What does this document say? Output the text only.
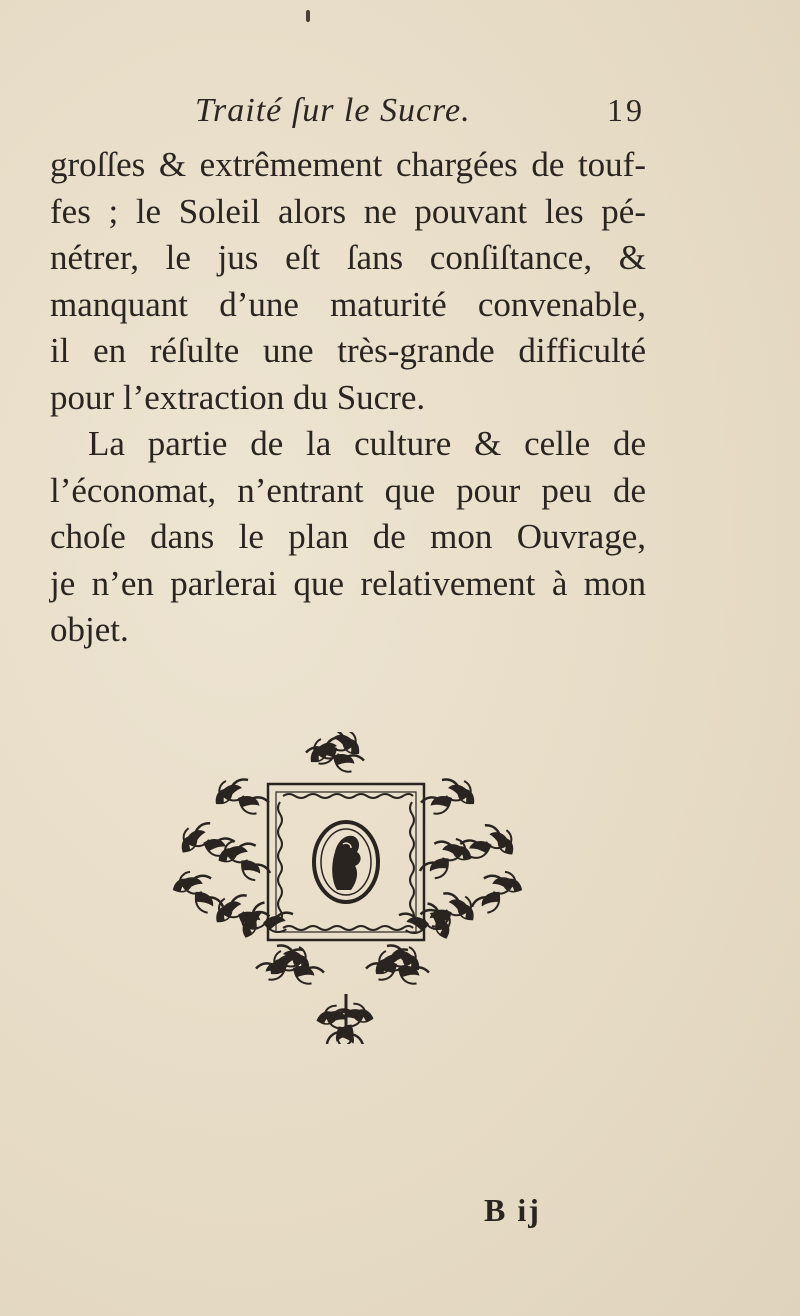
Traité ſur le Sucre.	19
groſſes & extrêmement chargées de touf-
fes ; le Soleil alors ne pouvant les pé-
nétrer, le jus eſt ſans conſiſtance, &
manquant d’une maturité convenable,
il en réſulte une très-grande difficulté
pour l’extraction du Sucre.
La partie de la culture & celle de
l’économat, n’entrant que pour peu de
choſe dans le plan de mon Ouvrage,
je n’en parlerai que relativement à mon
objet.
B ij
